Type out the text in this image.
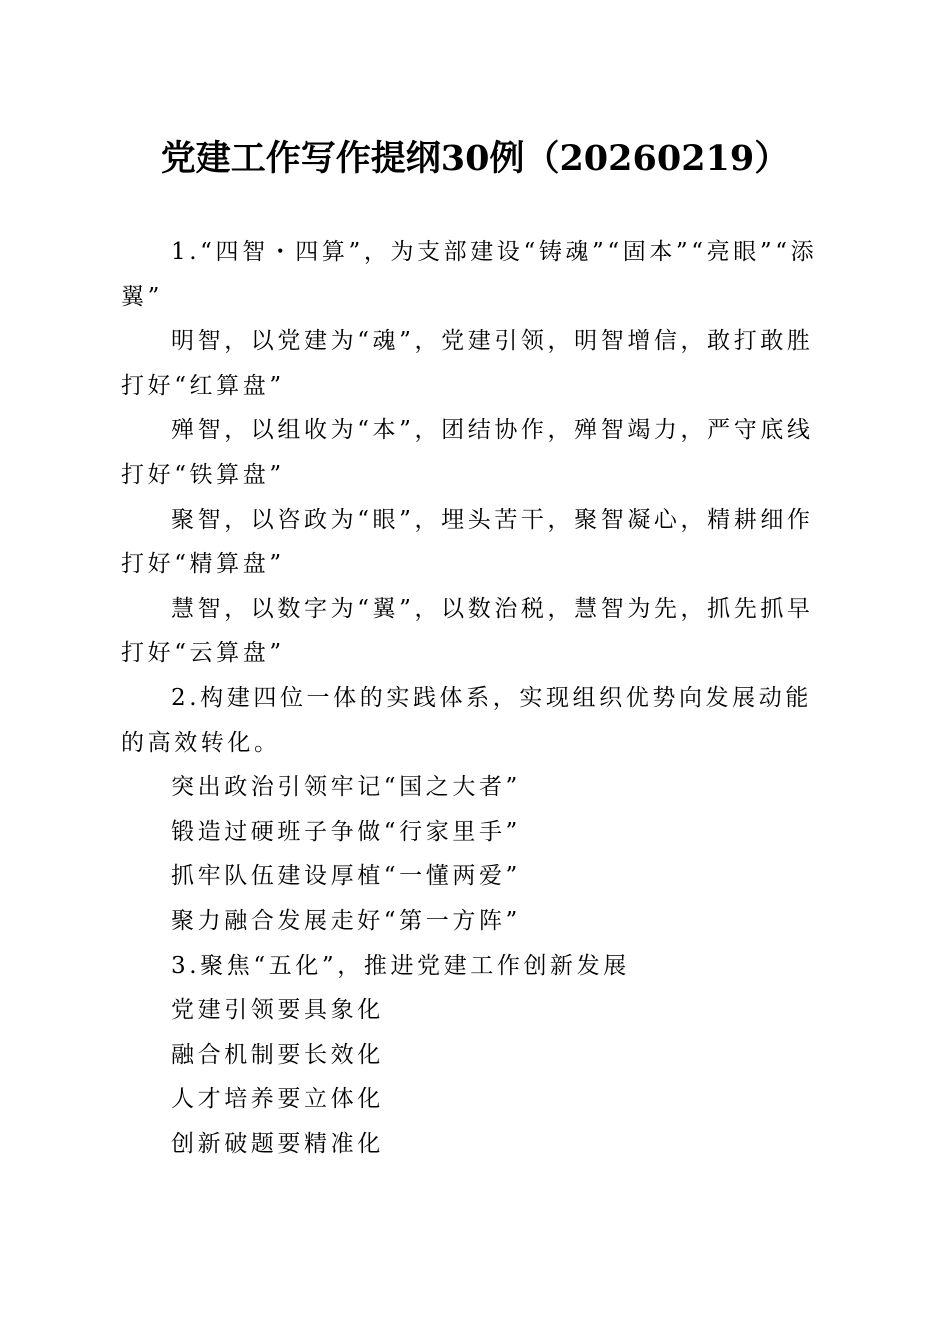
党建工作写作提纲30例（20260219）

1.“四智・四算”，为支部建设“铸魂”“固本”“亮眼”“添翼”

明智，以党建为“魂”，党建引领，明智增信，敢打敢胜打好“红算盘”

殚智，以组收为“本”，团结协作，殚智竭力，严守底线打好“铁算盘”

聚智，以咨政为“眼”，埋头苦干，聚智凝心，精耕细作打好“精算盘”

慧智，以数字为“翼”，以数治税，慧智为先，抓先抓早打好“云算盘”

2.构建四位一体的实践体系，实现组织优势向发展动能的高效转化。

突出政治引领牢记“国之大者”

锻造过硬班子争做“行家里手”

抓牢队伍建设厚植“一懂两爱”

聚力融合发展走好“第一方阵”

3.聚焦“五化”，推进党建工作创新发展

党建引领要具象化

融合机制要长效化

人才培养要立体化

创新破题要精准化
